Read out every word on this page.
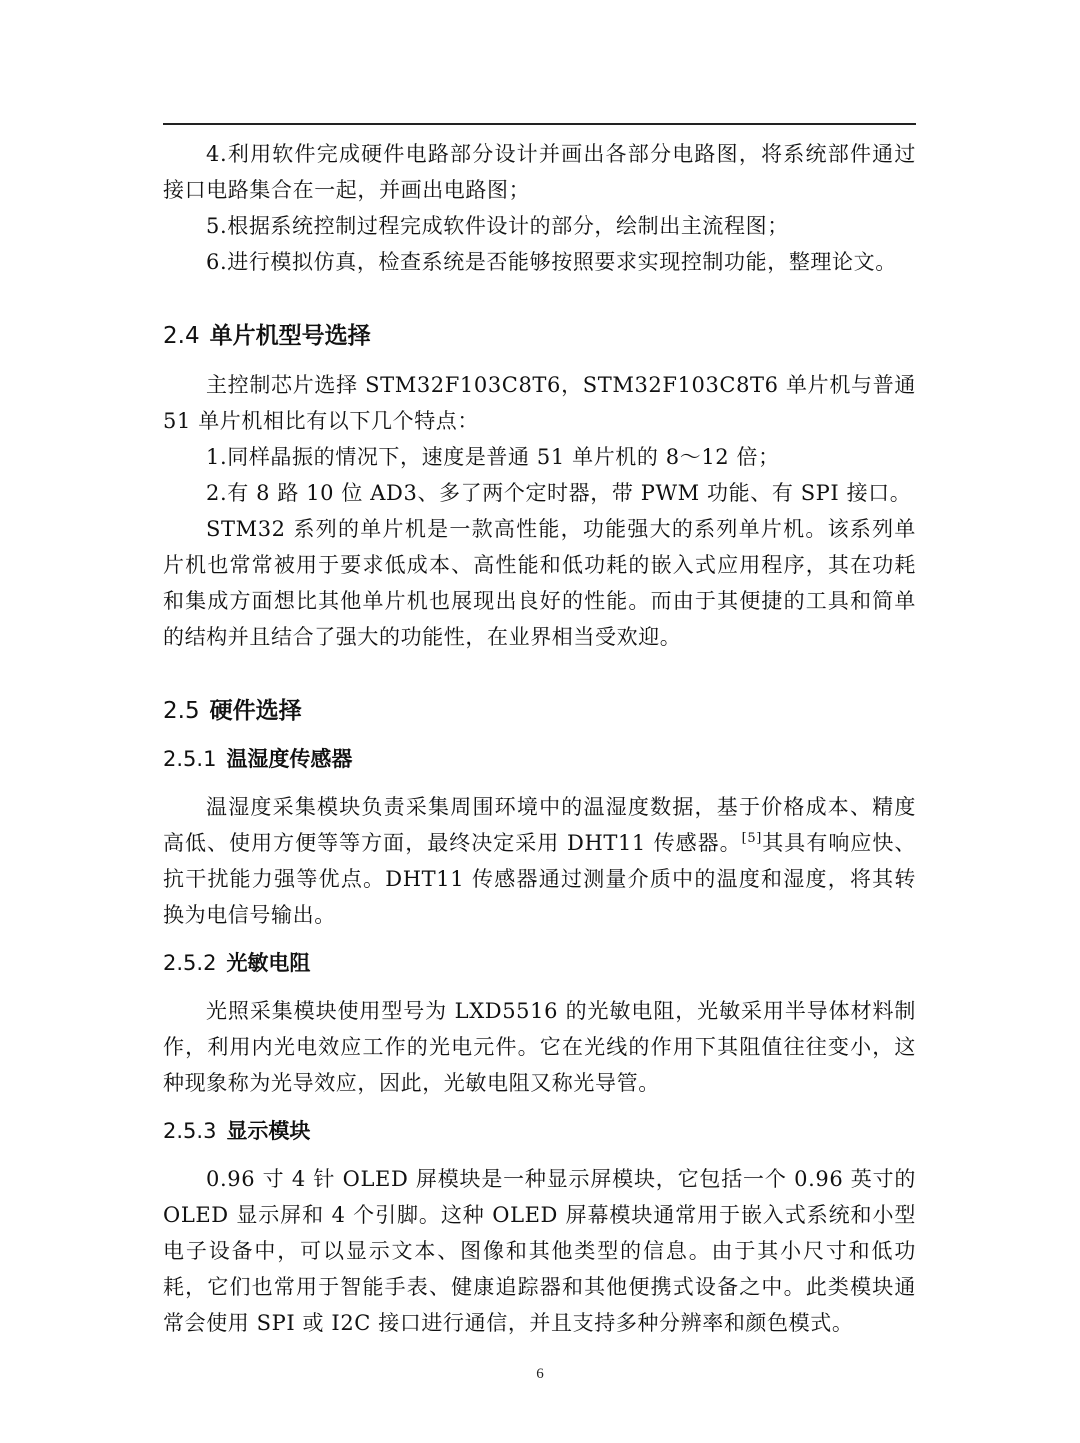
4.利用软件完成硬件电路部分设计并画出各部分电路图，将系统部件通过接口电路集合在一起，并画出电路图；

5.根据系统控制过程完成软件设计的部分，绘制出主流程图；

6.进行模拟仿真，检查系统是否能够按照要求实现控制功能，整理论文。

2.4 单片机型号选择

主控制芯片选择 STM32F103C8T6，STM32F103C8T6 单片机与普通 51 单片机相比有以下几个特点：

1.同样晶振的情况下，速度是普通 51 单片机的 8～12 倍；

2.有 8 路 10 位 AD3、多了两个定时器，带 PWM 功能、有 SPI 接口。

STM32 系列的单片机是一款高性能，功能强大的系列单片机。该系列单片机也常常被用于要求低成本、高性能和低功耗的嵌入式应用程序，其在功耗和集成方面想比其他单片机也展现出良好的性能。而由于其便捷的工具和简单的结构并且结合了强大的功能性，在业界相当受欢迎。

2.5 硬件选择
2.5.1 温湿度传感器

温湿度采集模块负责采集周围环境中的温湿度数据，基于价格成本、精度高低、使用方便等等方面，最终决定采用 DHT11 传感器。[5]其具有响应快、抗干扰能力强等优点。DHT11 传感器通过测量介质中的温度和湿度，将其转换为电信号输出。

2.5.2 光敏电阻

光照采集模块使用型号为 LXD5516 的光敏电阻，光敏采用半导体材料制作，利用内光电效应工作的光电元件。它在光线的作用下其阻值往往变小，这种现象称为光导效应，因此，光敏电阻又称光导管。

2.5.3 显示模块

0.96 寸 4 针 OLED 屏模块是一种显示屏模块，它包括一个 0.96 英寸的OLED 显示屏和 4 个引脚。这种 OLED 屏幕模块通常用于嵌入式系统和小型电子设备中，可以显示文本、图像和其他类型的信息。由于其小尺寸和低功耗，它们也常用于智能手表、健康追踪器和其他便携式设备之中。此类模块通常会使用 SPI 或 I2C 接口进行通信，并且支持多种分辨率和颜色模式。

6
